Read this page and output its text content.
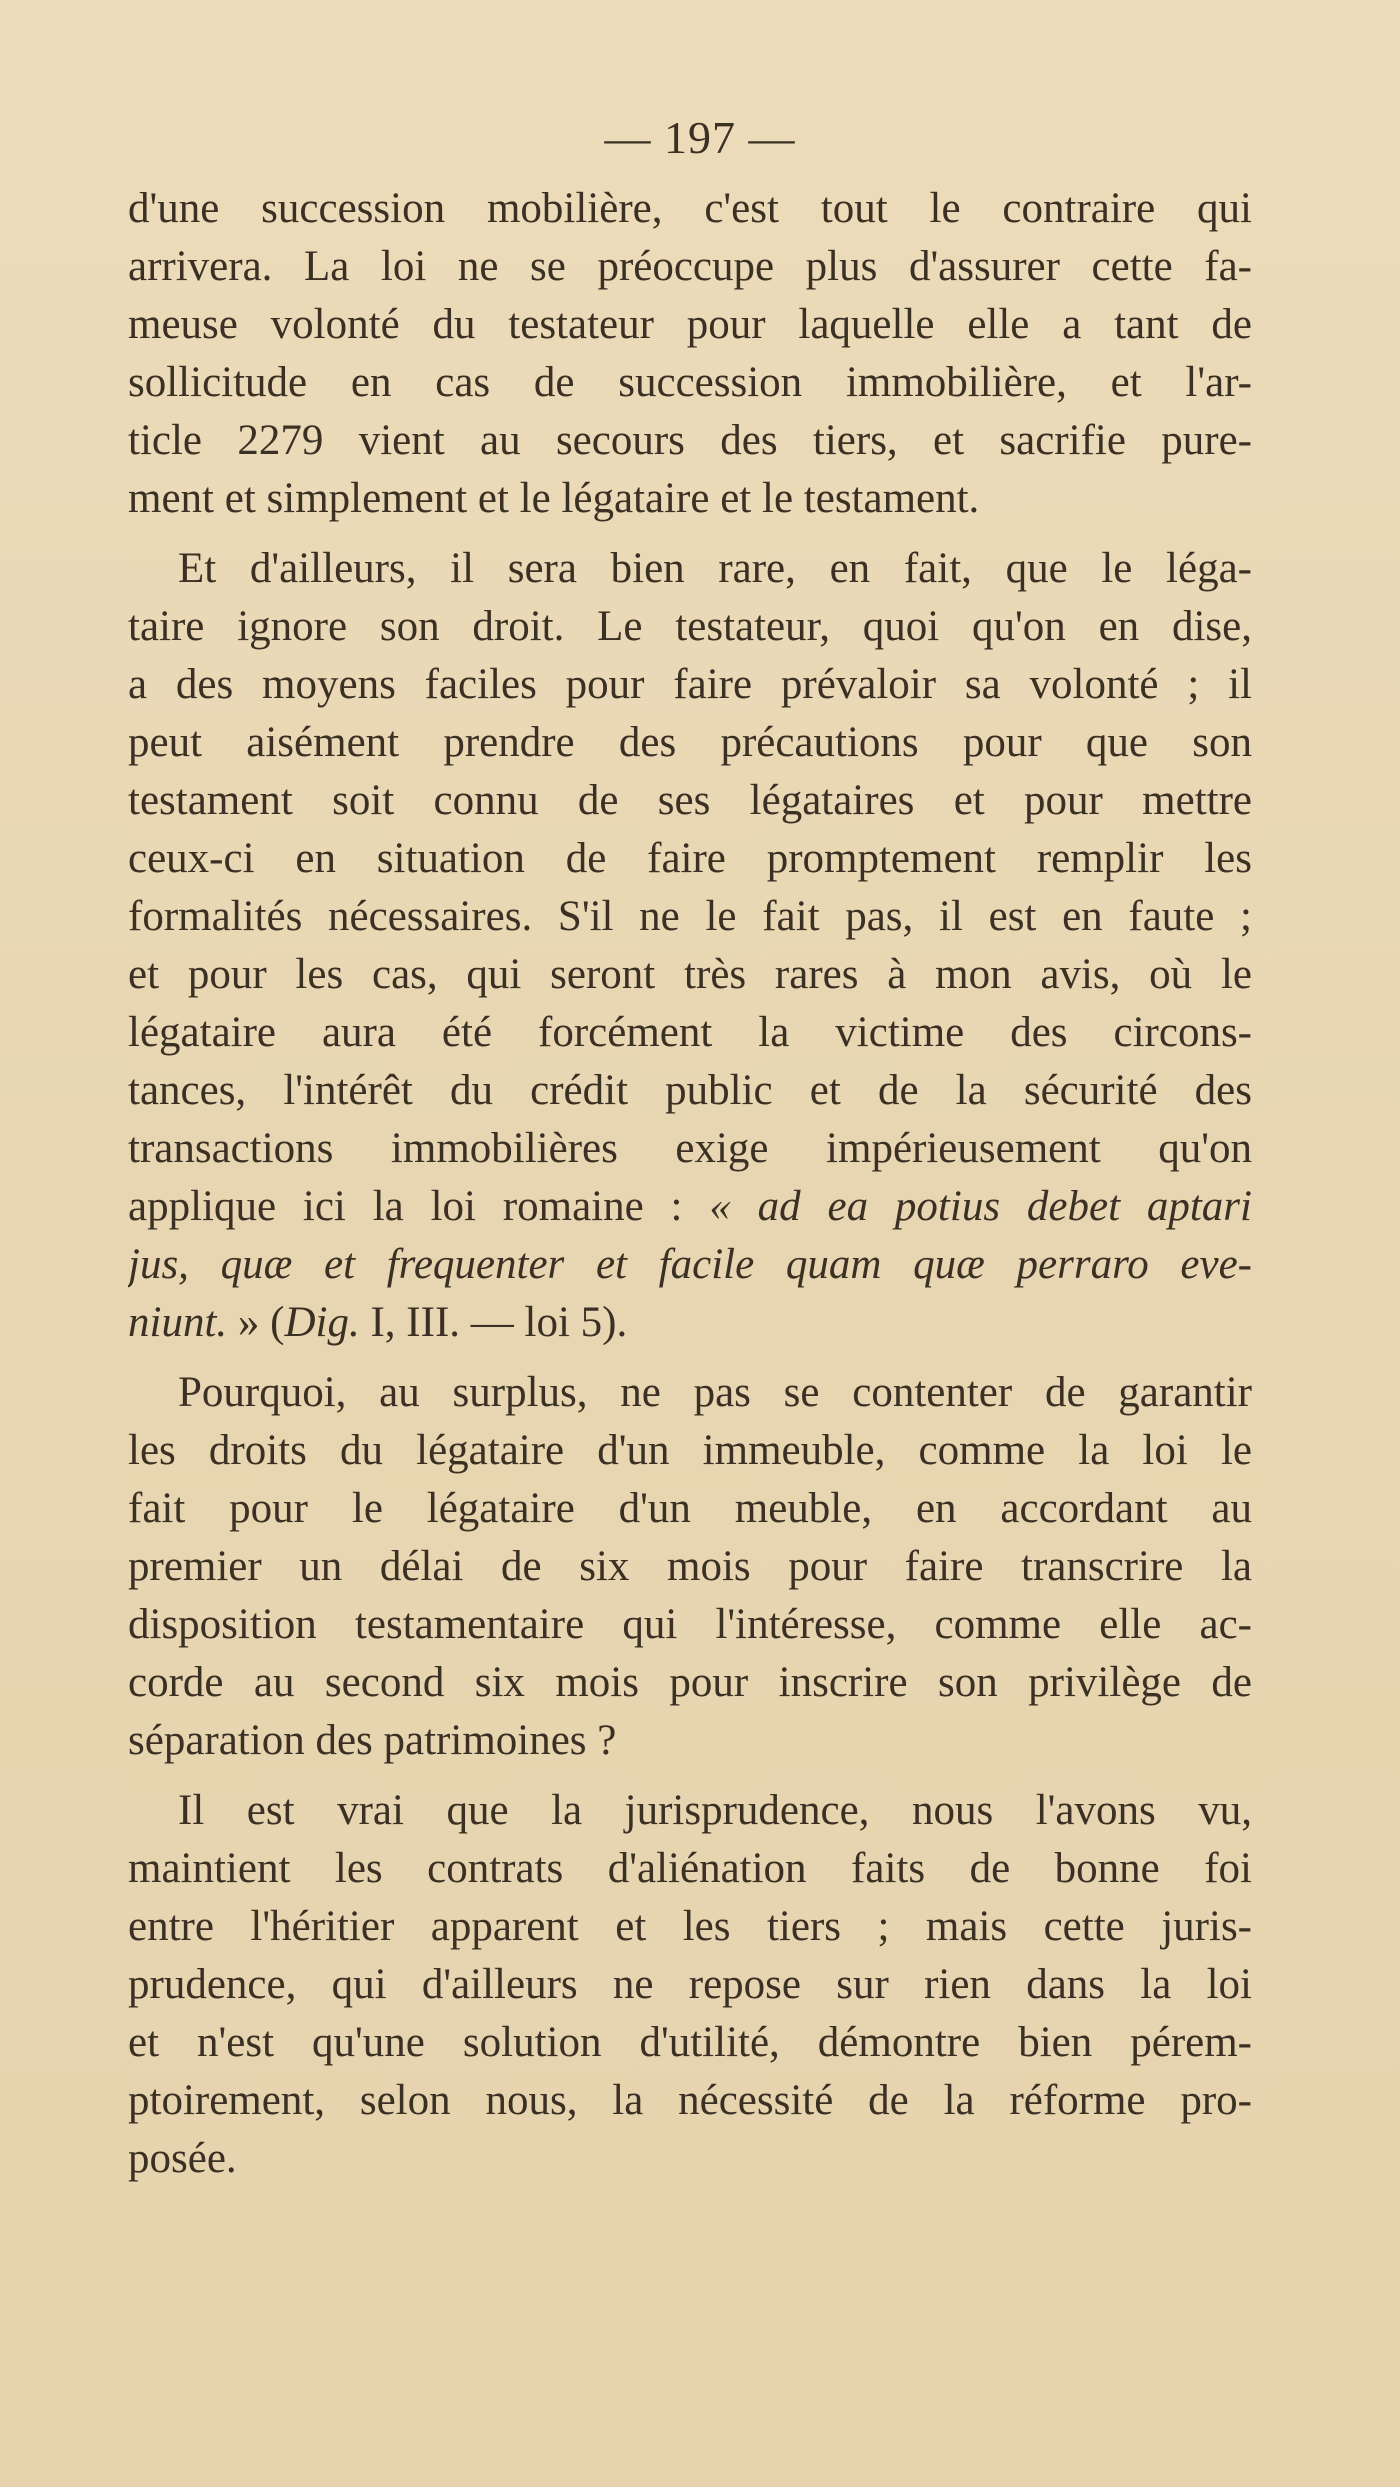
— 197 —
d'une succession mobilière, c'est tout le contraire qui
arrivera. La loi ne se préoccupe plus d'assurer cette fa-
meuse volonté du testateur pour laquelle elle a tant de
sollicitude en cas de succession immobilière, et l'ar-
ticle 2279 vient au secours des tiers, et sacrifie pure-
ment et simplement et le légataire et le testament.
Et d'ailleurs, il sera bien rare, en fait, que le léga-
taire ignore son droit. Le testateur, quoi qu'on en dise,
a des moyens faciles pour faire prévaloir sa volonté ; il
peut aisément prendre des précautions pour que son
testament soit connu de ses légataires et pour mettre
ceux-ci en situation de faire promptement remplir les
formalités nécessaires. S'il ne le fait pas, il est en faute ;
et pour les cas, qui seront très rares à mon avis, où le
légataire aura été forcément la victime des circons-
tances, l'intérêt du crédit public et de la sécurité des
transactions immobilières exige impérieusement qu'on
applique ici la loi romaine : « ad ea potius debet aptari
jus, quæ et frequenter et facile quam quæ perraro eve-
niunt. » (Dig. I, III. — loi 5).
Pourquoi, au surplus, ne pas se contenter de garantir
les droits du légataire d'un immeuble, comme la loi le
fait pour le légataire d'un meuble, en accordant au
premier un délai de six mois pour faire transcrire la
disposition testamentaire qui l'intéresse, comme elle ac-
corde au second six mois pour inscrire son privilège de
séparation des patrimoines ?
Il est vrai que la jurisprudence, nous l'avons vu,
maintient les contrats d'aliénation faits de bonne foi
entre l'héritier apparent et les tiers ; mais cette juris-
prudence, qui d'ailleurs ne repose sur rien dans la loi
et n'est qu'une solution d'utilité, démontre bien pérem-
ptoirement, selon nous, la nécessité de la réforme pro-
posée.
